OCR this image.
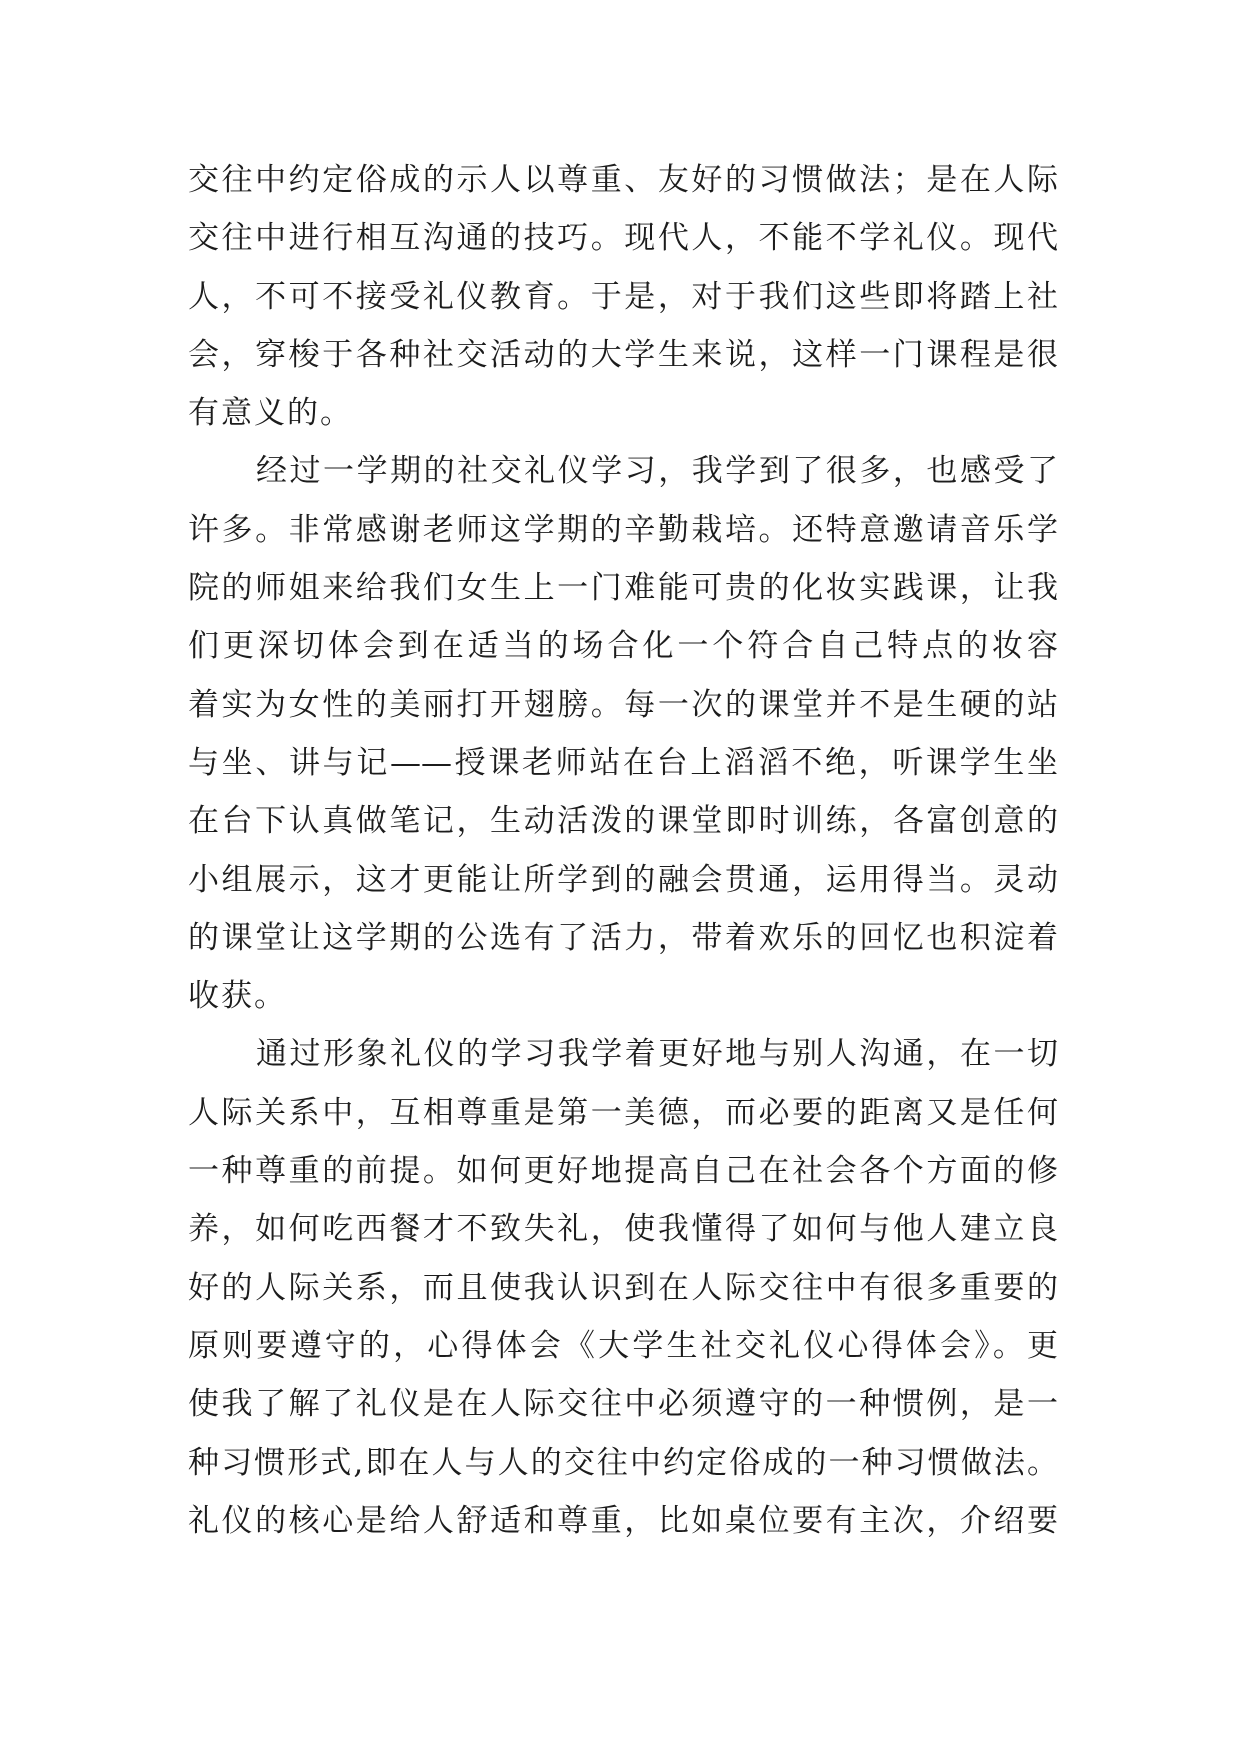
交往中约定俗成的示人以尊重、友好的习惯做法；是在人际
交往中进行相互沟通的技巧。现代人，不能不学礼仪。现代
人，不可不接受礼仪教育。于是，对于我们这些即将踏上社
会，穿梭于各种社交活动的大学生来说，这样一门课程是很
有意义的。
经过一学期的社交礼仪学习，我学到了很多，也感受了
许多。非常感谢老师这学期的辛勤栽培。还特意邀请音乐学
院的师姐来给我们女生上一门难能可贵的化妆实践课，让我
们更深切体会到在适当的场合化一个符合自己特点的妆容
着实为女性的美丽打开翅膀。每一次的课堂并不是生硬的站
与坐、讲与记——授课老师站在台上滔滔不绝，听课学生坐
在台下认真做笔记，生动活泼的课堂即时训练，各富创意的
小组展示，这才更能让所学到的融会贯通，运用得当。灵动
的课堂让这学期的公选有了活力，带着欢乐的回忆也积淀着
收获。
通过形象礼仪的学习我学着更好地与别人沟通，在一切
人际关系中，互相尊重是第一美德，而必要的距离又是任何
一种尊重的前提。如何更好地提高自己在社会各个方面的修
养，如何吃西餐才不致失礼，使我懂得了如何与他人建立良
好的人际关系，而且使我认识到在人际交往中有很多重要的
原则要遵守的，心得体会《大学生社交礼仪心得体会》。更
使我了解了礼仪是在人际交往中必须遵守的一种惯例，是一
种习惯形式,即在人与人的交往中约定俗成的一种习惯做法。
礼仪的核心是给人舒适和尊重，比如桌位要有主次，介绍要
